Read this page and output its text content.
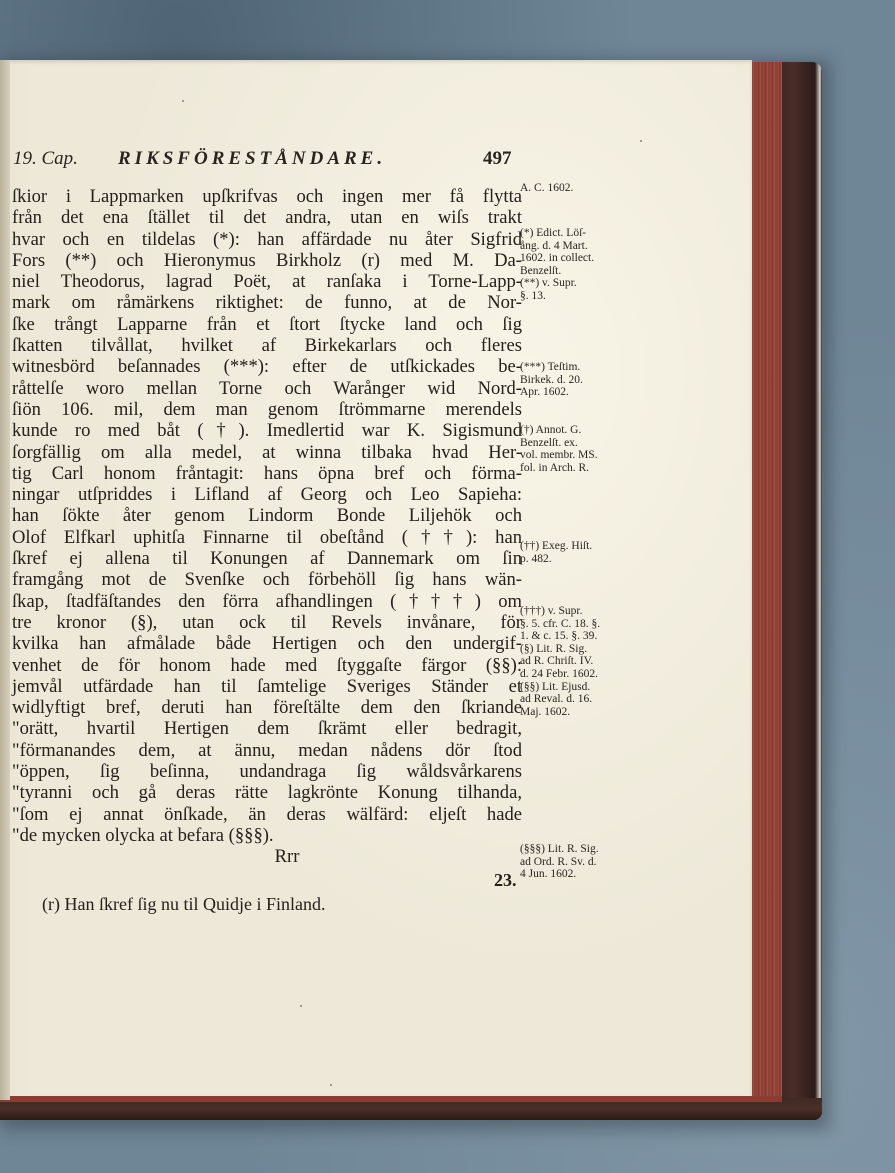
19. Cap. RIKSFÖRESTÅNDARE.	497
ſkior i Lappmarken upſkrifvas och ingen mer få flytta
från det ena ſtället til det andra, utan en wiſs trakt
hvar och en tildelas (*): han affärdade nu åter Sigfrid
Fors (**) och Hieronymus Birkholz (r) med M. Da-
niel Theodorus, lagrad Poët, at ranſaka i Torne-Lapp-
mark om råmärkens riktighet: de funno, at de Nor-
ſke trångt Lapparne från et ſtort ſtycke land och ſig
ſkatten tilvållat, hvilket af Birkekarlars och fleres
witnesbörd beſannades (***): efter de utſkickades be-
råttelſe woro mellan Torne och Warånger wid Nord-
ſiön 106. mil, dem man genom ſtrömmarne merendels
kunde ro med båt (†). Imedlertid war K. Sigismund
ſorgfällig om alla medel, at winna tilbaka hvad Her-
tig Carl honom fråntagit: hans öpna bref och förma-
ningar utſpriddes i Lifland af Georg och Leo Sapieha:
han ſökte åter genom Lindorm Bonde Liljehök och
Olof Elfkarl uphitſa Finnarne til obeſtånd (††): han
ſkref ej allena til Konungen af Dannemark om ſin
framgång mot de Svenſke och förbehöll ſig hans wän-
ſkap, ſtadfäſtandes den förra afhandlingen (†††) om
tre kronor (§), utan ock til Revels invånare, för
kvilka han afmålade både Hertigen och den undergif-
venhet de för honom hade med ſtyggaſte färgor (§§):
jemvål utfärdade han til ſamtelige Sveriges Ständer et
widlyftigt bref, deruti han föreſtälte dem den ſkriande
"orätt, hvartil Hertigen dem ſkrämt eller bedragit,
"förmanandes dem, at ännu, medan nådens dör ſtod
"öppen, ſig beſinna, undandraga ſig wåldsvårkarens
"tyranni och gå deras rätte lagkrönte Konung tilhanda,
"ſom ej annat önſkade, än deras wälfärd: eljeſt hade
"de mycken olycka at befara (§§§).
Rrr
23.
(r) Han ſkref ſig nu til Quidje i Finland.
A. C. 1602.
(*) Edict. Löſ-
ång. d. 4 Mart.
1602. in collect.
Benzelſt.
(**) v. Supr.
§. 13.
(***) Teſtim.
Birkek. d. 20.
Apr. 1602.
(†) Annot. G.
Benzelſt. ex.
vol. membr. MS.
fol. in Arch. R.
(††) Exeg. Hiſt.
p. 482.
(†††) v. Supr.
§. 5. cfr. C. 18. §.
1. & c. 15. §. 39.
(§) Lit. R. Sig.
ad R. Chriſt. IV.
d. 24 Febr. 1602.
(§§) Lit. Ejusd.
ad Reval. d. 16.
Maj. 1602.
(§§§) Lit. R. Sig.
ad Ord. R. Sv. d.
4 Jun. 1602.
